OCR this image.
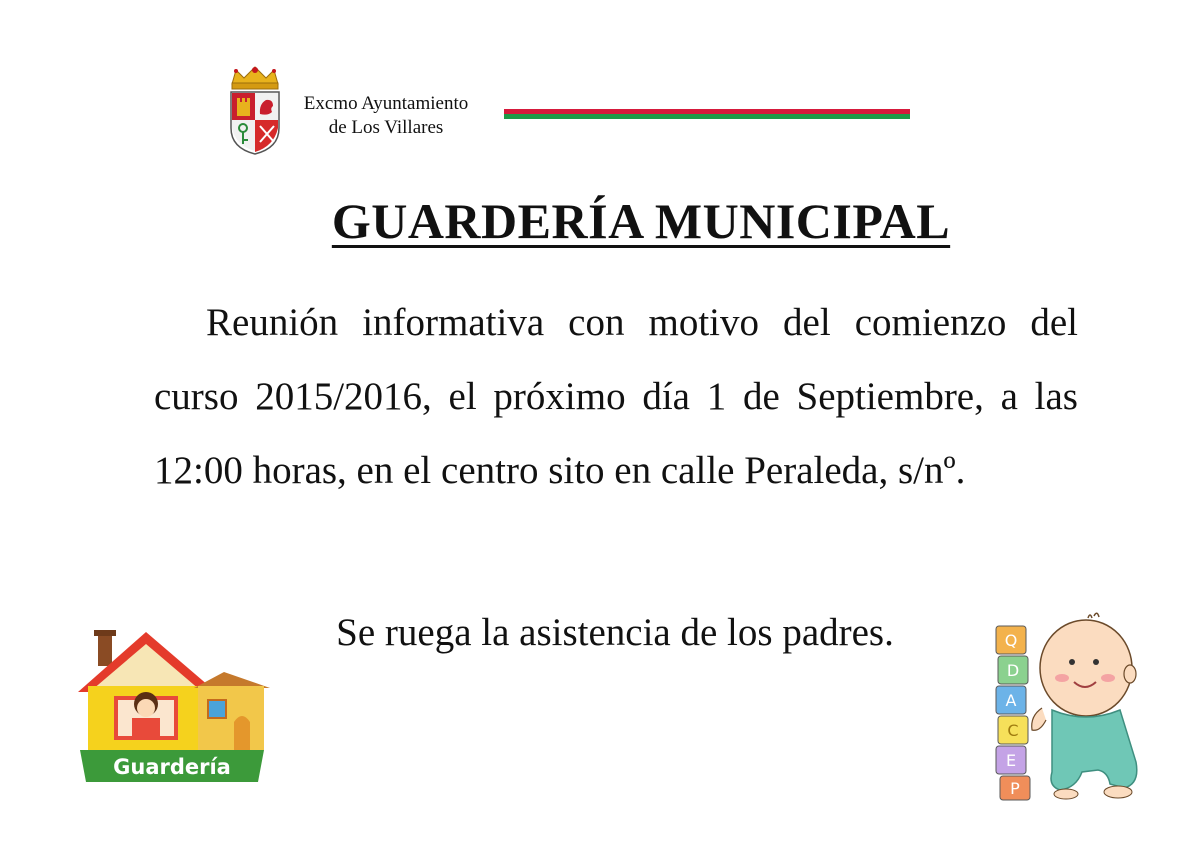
Excmo Ayuntamiento
de Los Villares
GUARDERÍA MUNICIPAL
Reunión informativa con motivo del comienzo del curso 2015/2016, el próximo día 1 de Septiembre, a las 12:00 horas, en el centro sito en calle Peraleda, s/nº.
Se ruega la asistencia de los padres.
Guardería
Q
D
A
C
E
P
